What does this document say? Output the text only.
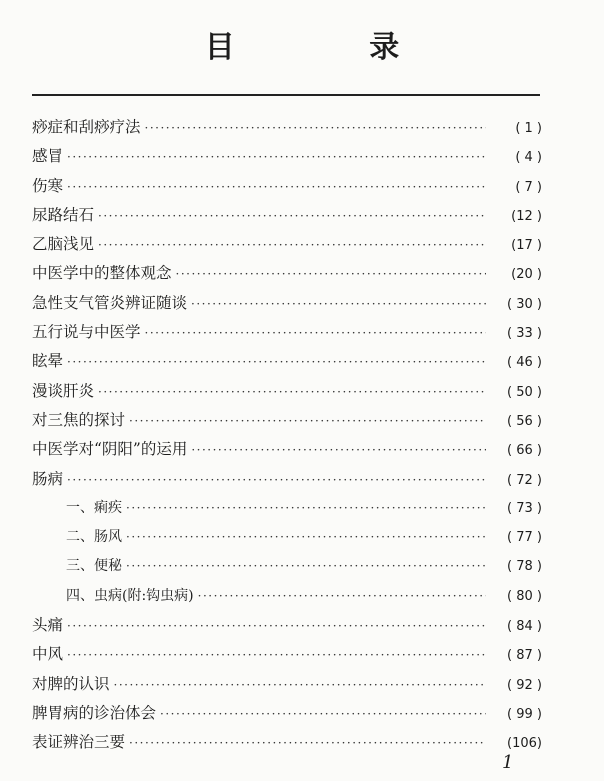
目 录
痧症和刮痧疗法 ·····	( 1 )
感冒 ·····	( 4 )
伤寒 ·····	( 7 )
尿路结石 ·····	(12 )
乙脑浅见 ·····	(17 )
中医学中的整体观念 ·····	(20 )
急性支气管炎辨证随谈 ·····	( 30 )
五行说与中医学 ·····	( 33 )
眩晕 ·····	( 46 )
漫谈肝炎 ·····	( 50 )
对三焦的探讨 ·····	( 56 )
中医学对“阴阳”的运用 ·····	( 66 )
肠病 ·····	( 72 )
一、痢疾 ·····	( 73 )
二、肠风 ·····	( 77 )
三、便秘 ·····	( 78 )
四、虫病(附:钩虫病) ·····	( 80 )
头痛 ·····	( 84 )
中风 ·····	( 87 )
对脾的认识 ·····	( 92 )
脾胃病的诊治体会 ·····	( 99 )
表证辨治三要 ·····	(106)
1
